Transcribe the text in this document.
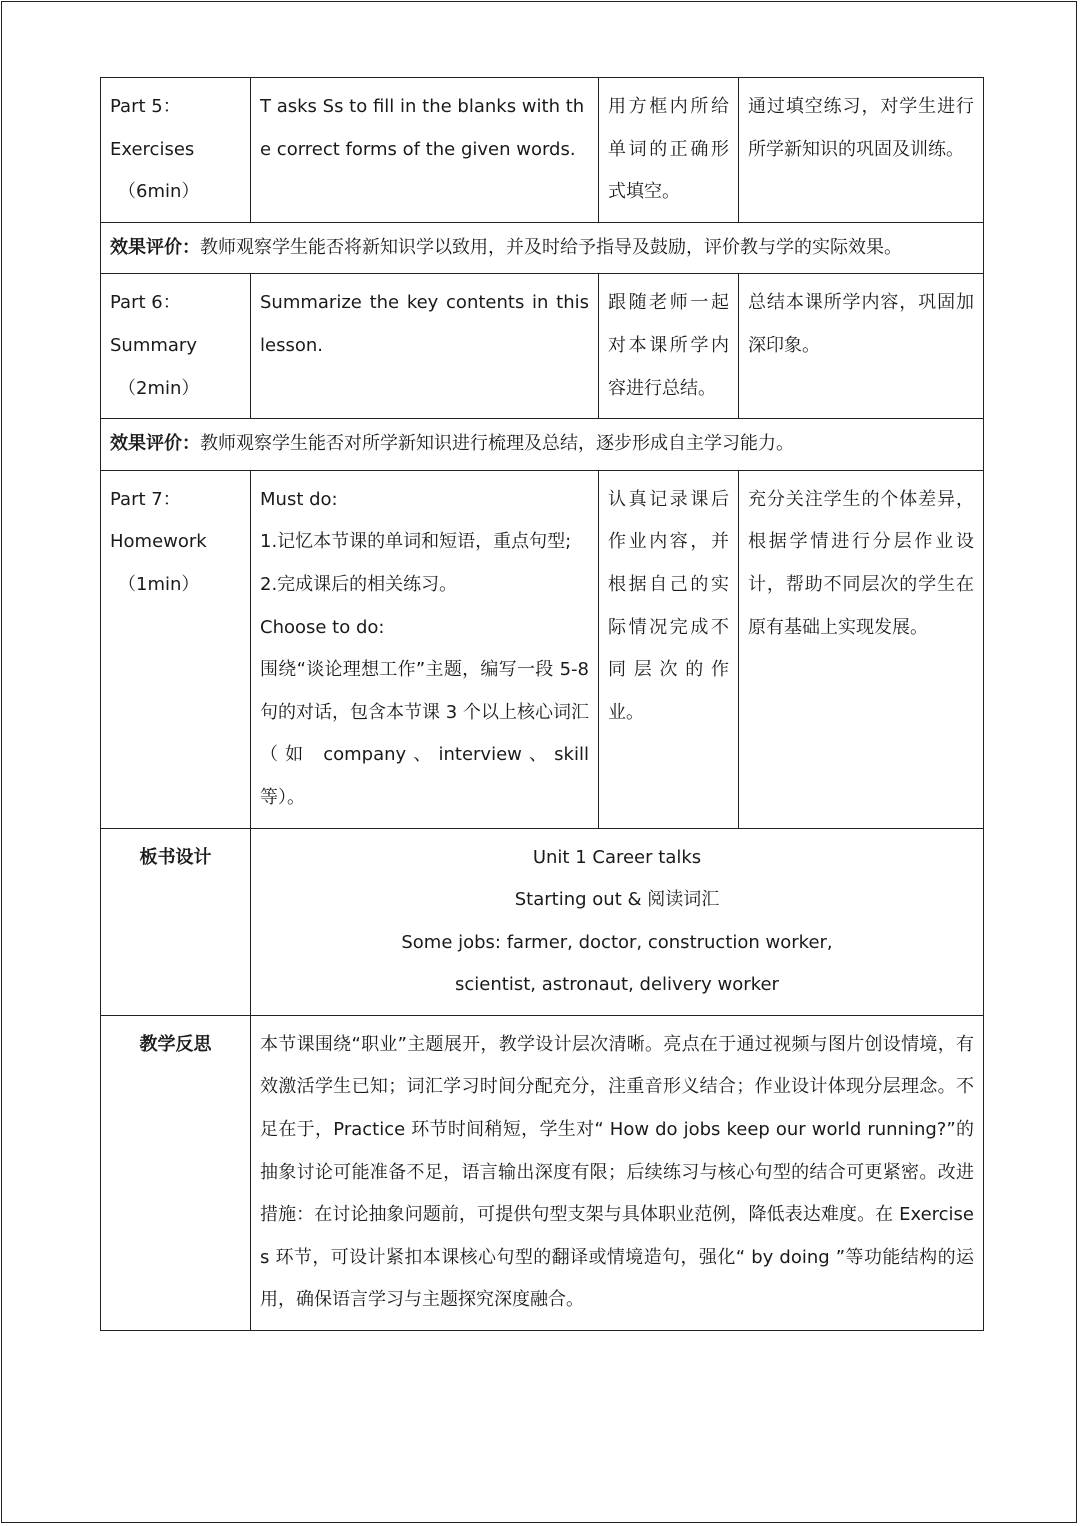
Part 5：
Exercises
（6min）	T asks Ss to fill in the blanks with the correct forms of the given words.	用方框内所给单词的正确形式填空。	通过填空练习，对学生进行所学新知识的巩固及训练。
效果评价：教师观察学生能否将新知识学以致用，并及时给予指导及鼓励，评价教与学的实际效果。			

Part 6：
Summary
（2min）	Summarize the key contents in this lesson.	跟随老师一起对本课所学内容进行总结。	总结本课所学内容，巩固加深印象。
效果评价：教师观察学生能否对所学新知识进行梳理及总结，逐步形成自主学习能力。			

Part 7：
Homework
（1min）	Must do:
1.记忆本节课的单词和短语，重点句型;
2.完成课后的相关练习。
Choose to do:
围绕“谈论理想工作”主题，编写一段 5-8 句的对话，包含本节课 3 个以上核心词汇（如 company、interview、skill 等）。	认真记录课后作业内容，并根据自己的实际情况完成不同层次的作业。	充分关注学生的个体差异，根据学情进行分层作业设计，帮助不同层次的学生在原有基础上实现发展。
板书设计	Unit 1 Career talks
Starting out & 阅读词汇
Some jobs: farmer, doctor, construction worker,
scientist, astronaut, delivery worker		

教学反思	本节课围绕“职业”主题展开，教学设计层次清晰。亮点在于通过视频与图片创设情境，有效激活学生已知；词汇学习时间分配充分，注重音形义结合；作业设计体现分层理念。不足在于，Practice 环节时间稍短，学生对“ How do jobs keep our world running?”的抽象讨论可能准备不足，语言输出深度有限；后续练习与核心句型的结合可更紧密。改进措施：在讨论抽象问题前，可提供句型支架与具体职业范例，降低表达难度。在 Exercises 环节，可设计紧扣本课核心句型的翻译或情境造句，强化“ by doing ”等功能结构的运用，确保语言学习与主题探究深度融合。		
